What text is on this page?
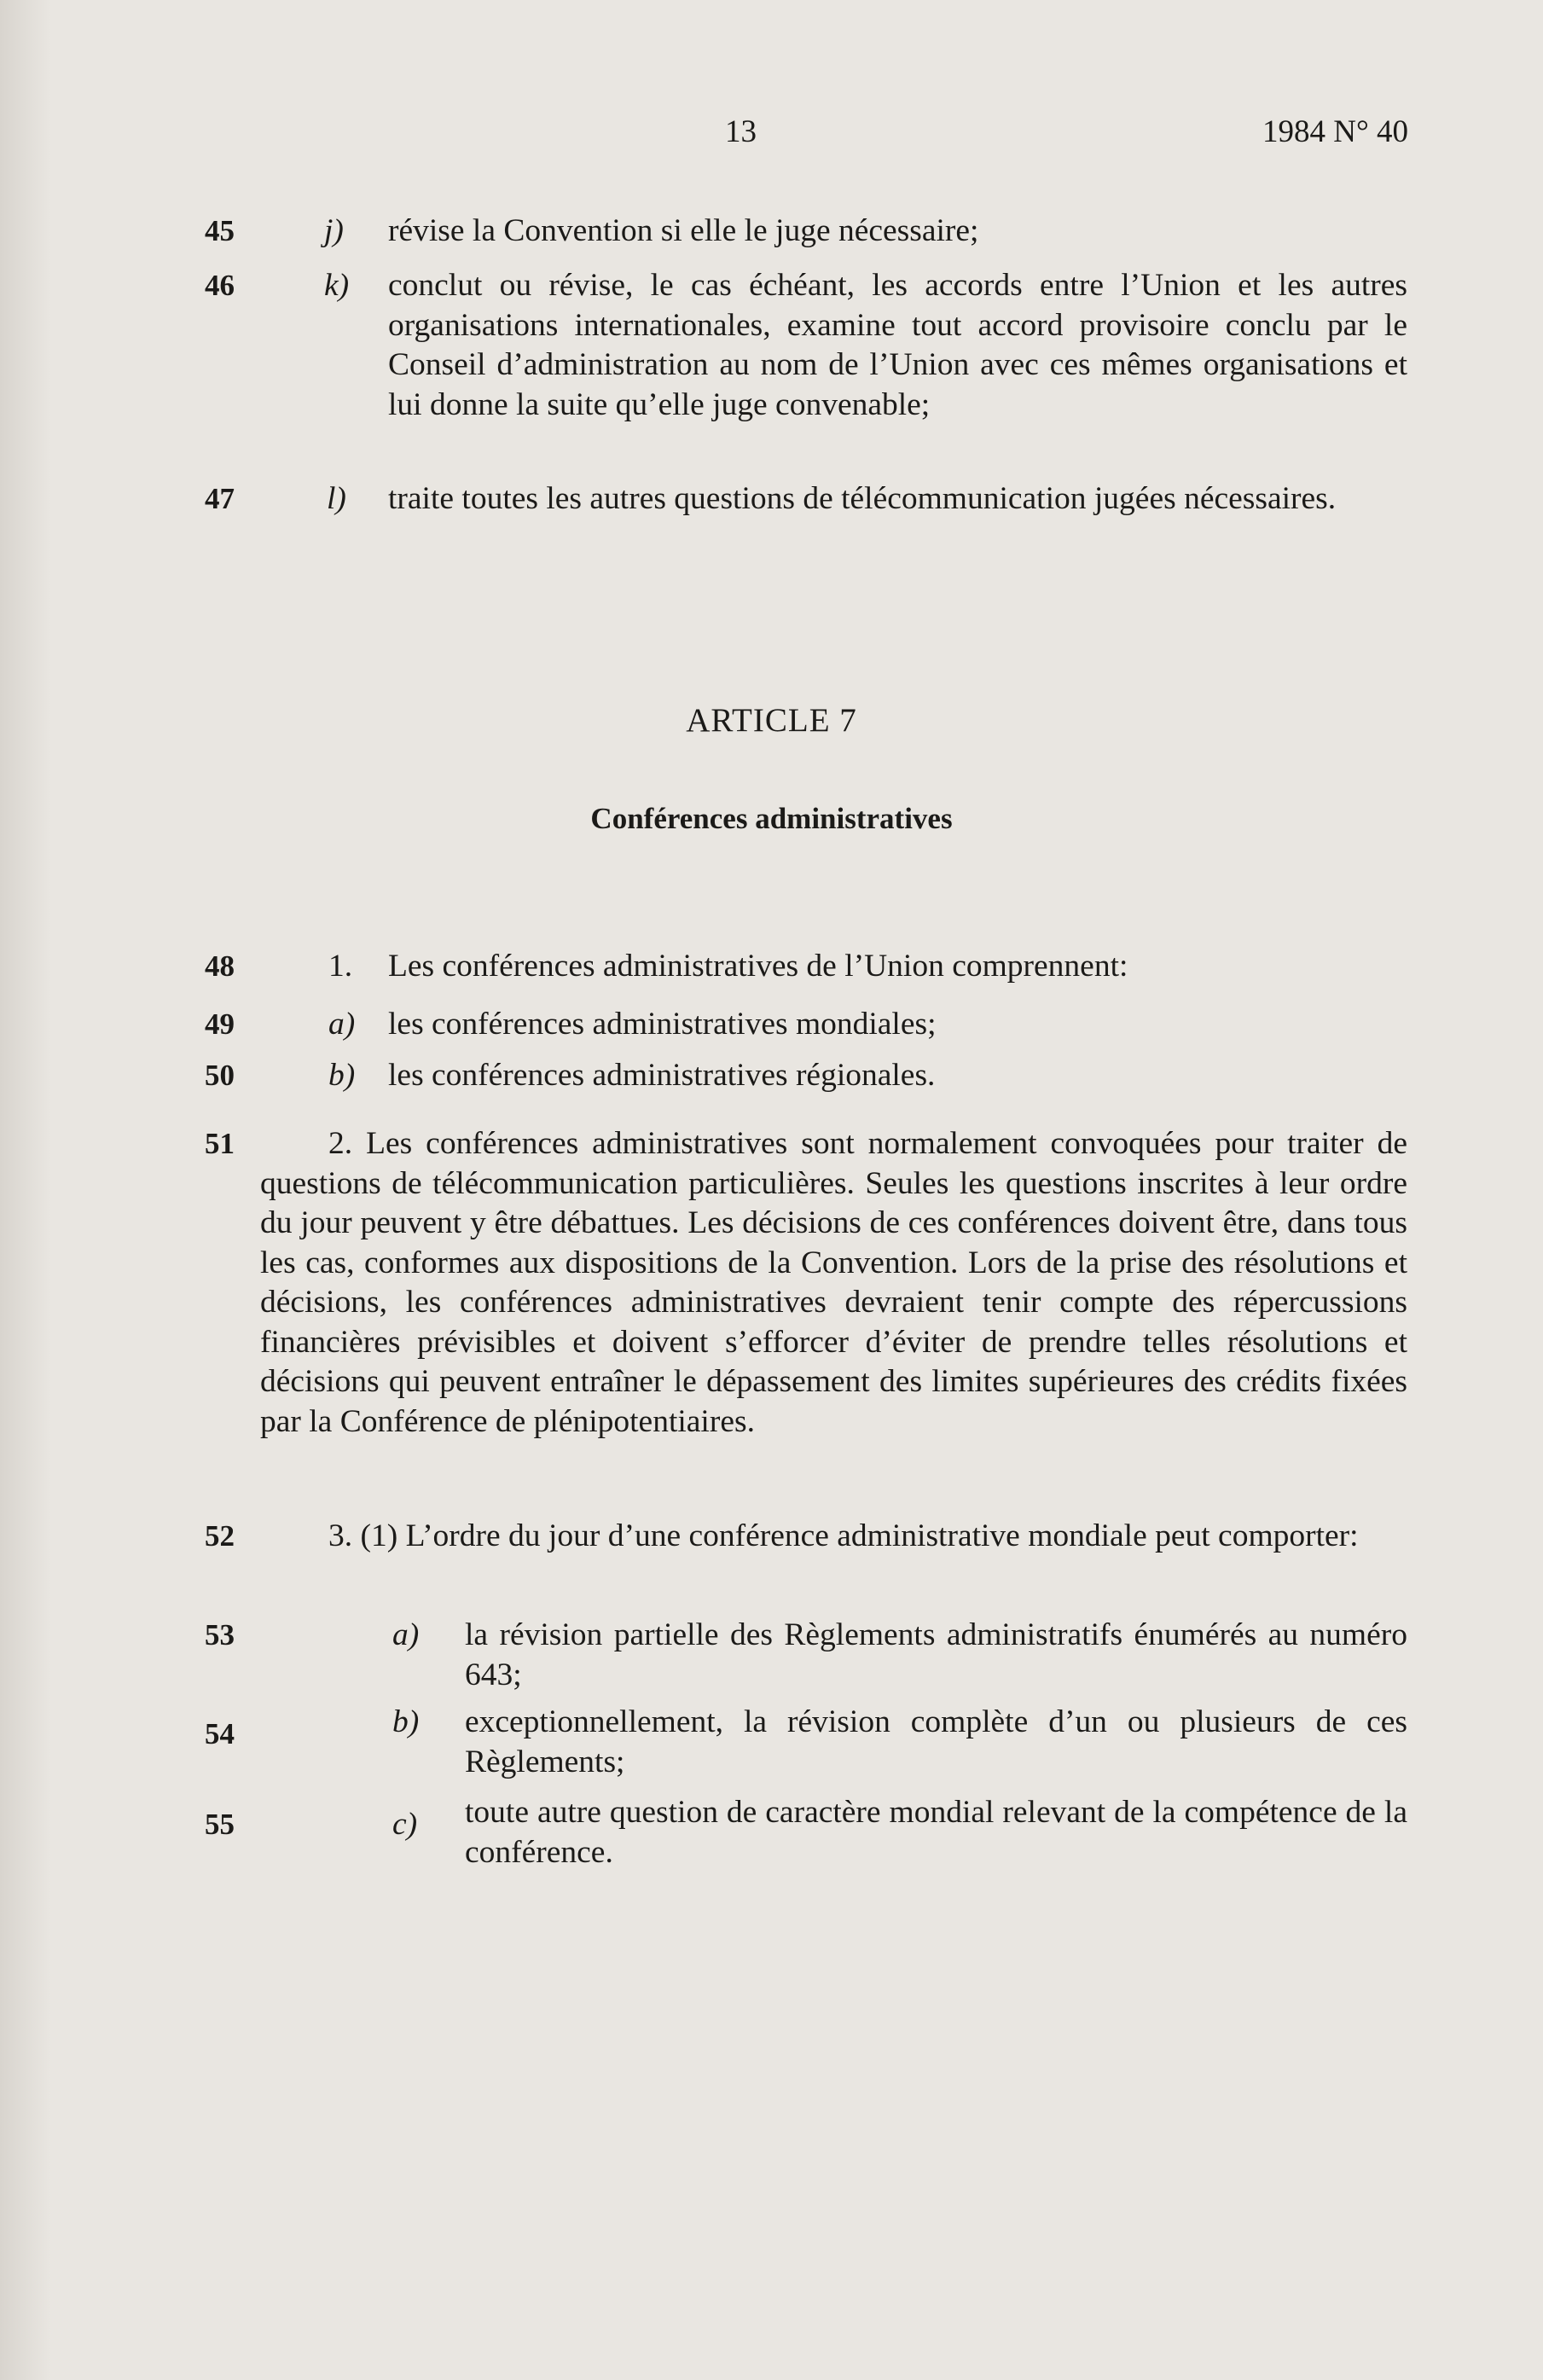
13	1984 N° 40
45	j) révise la Convention si elle le juge nécessaire;
46	k) conclut ou révise, le cas échéant, les accords entre l’Union et les autres organisations internationales, examine tout accord provisoire conclu par le Conseil d’administration au nom de l’Union avec ces mêmes organisations et lui donne la suite qu’elle juge convenable;
47	l) traite toutes les autres questions de télécommunication jugées nécessaires.
ARTICLE 7
Conférences administratives
48	1. Les conférences administratives de l’Union comprennent:
49	a) les conférences administratives mondiales;
50	b) les conférences administratives régionales.
51	2. Les conférences administratives sont normalement convoquées pour traiter de questions de télécommunication particulières. Seules les questions inscrites à leur ordre du jour peuvent y être débattues. Les décisions de ces conférences doivent être, dans tous les cas, conformes aux dispositions de la Convention. Lors de la prise des résolutions et décisions, les conférences administratives devraient tenir compte des répercussions financières prévisibles et doivent s’efforcer d’éviter de prendre telles résolutions et décisions qui peuvent entraîner le dépassement des limites supérieures des crédits fixées par la Conférence de plénipotentiaires.
52	3. (1) L’ordre du jour d’une conférence administrative mondiale peut comporter:
53	a) la révision partielle des Règlements administratifs énumérés au numéro 643;
54	b) exceptionnellement, la révision complète d’un ou plusieurs de ces Règlements;
55	c) toute autre question de caractère mondial relevant de la compétence de la conférence.
